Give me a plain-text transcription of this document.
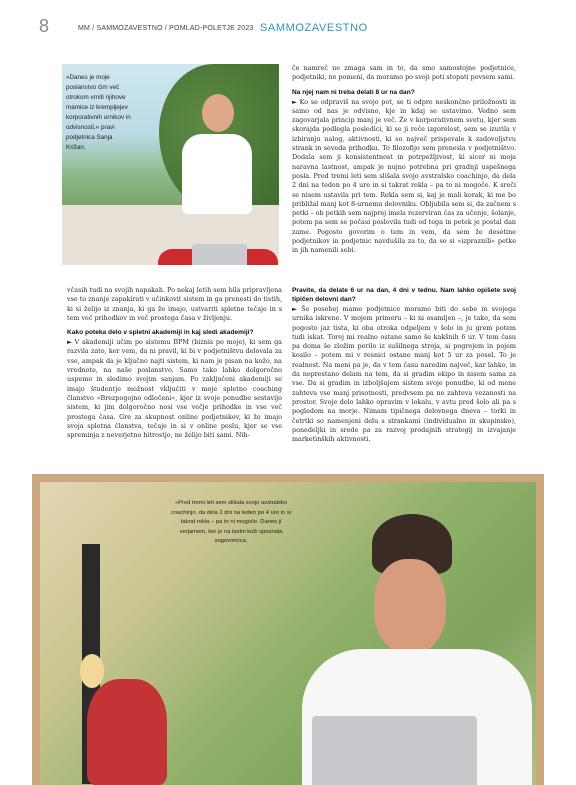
8	MM / SAMMOZAVESTNO / POMLAD-POLETJE 2023 SAMMOZAVESTNO
»Danes je moje poslanstvo čim več otrokom vrniti njihove mamice iz krempljejev korporativnih urnikov in odvisnosti,« pravi podjetnica Sanja Križan.

če namreč ne zmaga sam in to, da smo samostojne podjetnice, podjetniki, ne pomeni, da moramo po svoji poti stopati povsem sami.

Na njej nam ni treba delati 8 ur na dan?

► Ko se odpraviš na svojo pot, se ti odpre neskončno priložnosti in samo od nas je odvisno, kje in kdaj se ustavimo. Vedno sem zagovarjala princip manj je več. Že v korporativnem svetu, kjer sem skorajda podlegla posledici, ki se ji reče izgorelost, sem se izurila v izbiranju nalog, aktivnosti, ki so največ prispevale k zadovoljstvu strank in seveda prihodku. To filozofijo sem prenesla v podjetništvo. Dodala sem ji konsistentnost in potrpežljivost, ki sicer ni moja naravna lastnost, ampak je nujno potrebna pri gradnji uspešnega posla. Pred tremi leti sem slišala svojo avstralsko coachinjo, da dela 2 dni na teden po 4 ure in si takrat rekla – pa to ni mogoče. K sreči se nisem ustavila pri tem. Rekla sem si, kaj je mali korak, ki me bo približal manj kot 8-urnemu delovniku. Obljubila sem si, da začnem s petki – ob petkih sem najprej imela rezerviran čas za učenje, šolanje, potem pa sem se počasi poslovila tudi od tega in petek je postal dan zame. Pogosto govorim o tem in vem, da sem že desetine podjetnikov in podjetnic navdušila za to, da so si »izpraznili« petke in jih namenili sebi.

včasih tudi na svojih napakah. Po nekaj letih sem bila pripravljena vse to znanje zapakirati v učinkovit sistem in ga prenesti do tistih, ki si želijo iz znanja, ki ga že imajo, ustvariti spletne tečaje in s tem več prihodkov in več prostega časa v življenju.

Kako poteka delo v spletni akademiji in kaj sledi akademiji?

► V akademiji učim po sistemu BPM (biznis po moje), ki sem ga razvila zato, ker vem, da ni pravil, ki bi v podjetništvu delovala za vse, ampak da je ključno najti sistem, ki nam je pisan na kožo, na vrednote, na naše poslanstvo. Samo tako lahko dolgoročno uspemo in sledimo svojim sanjam. Po zaključeni akademiji se imajo študentje možnost vključiti v moje spletno coaching članstvo »Brezpogojno odločeni«, kjer iz svoje ponudbe sestavijo sistem, ki jim dolgoročno nosi vse večje prihodke in vse več prostega časa. Gre za skupnost online podjetnikov, ki že imajo svoja spletna članstva, tečaje in si v online poslu, kjer se vse spreminja z neverjetno hitrostjo, ne želijo biti sami. Nih-

Pravite, da delate 6 ur na dan, 4 dni v tednu. Nam lahko opišete svoj tipičen delovni dan?

► Še posebej mame podjetnice moramo biti do sebe in svojega urnika iskrene. V mojem primeru – ki ni osamljen –, je tako, da sem pogosto jaz tista, ki oba otroka odpeljem v šolo in ju grem potem tudi iskat. Torej mi realno ostane samo še kakšnih 6 ur. V tem času pa doma še zložim perilo iz sušilnega stroja, si pogrejem in pojem kosilo – potem mi v resnici ostane manj kot 5 ur za posel. To je realnost. Na meni pa je, da v tem času naredim največ, kar lahko, in da neprestano delam na tem, da si gradim ekipo in nisem sama za vse. Da si gradim in izboljšujem sistem svoje ponudbe, ki od mene zahteva vse manj prisotnosti, predvsem pa ne zahteva vezanosti na prostor. Svoje delo lahko opravim v lokalu, v avtu pred šolo ali pa s pogledom na morje. Nimam tipičnega delovnega dneva – torki in četrtki so namenjeni delu s strankami (individualno in skupinsko), ponedeljki in srede pa za razvoj prodajnih strategij in izvajanje marketinških aktivnosti.

»Pred tremi leti sem slišala svojo avstralsko coachinjo, da dela 2 dni na teden po 4 ure in si takrat rekla – pa to ni mogoče. Danes ji verjamem, ker je na lastni koži spoznala sogovornica.
